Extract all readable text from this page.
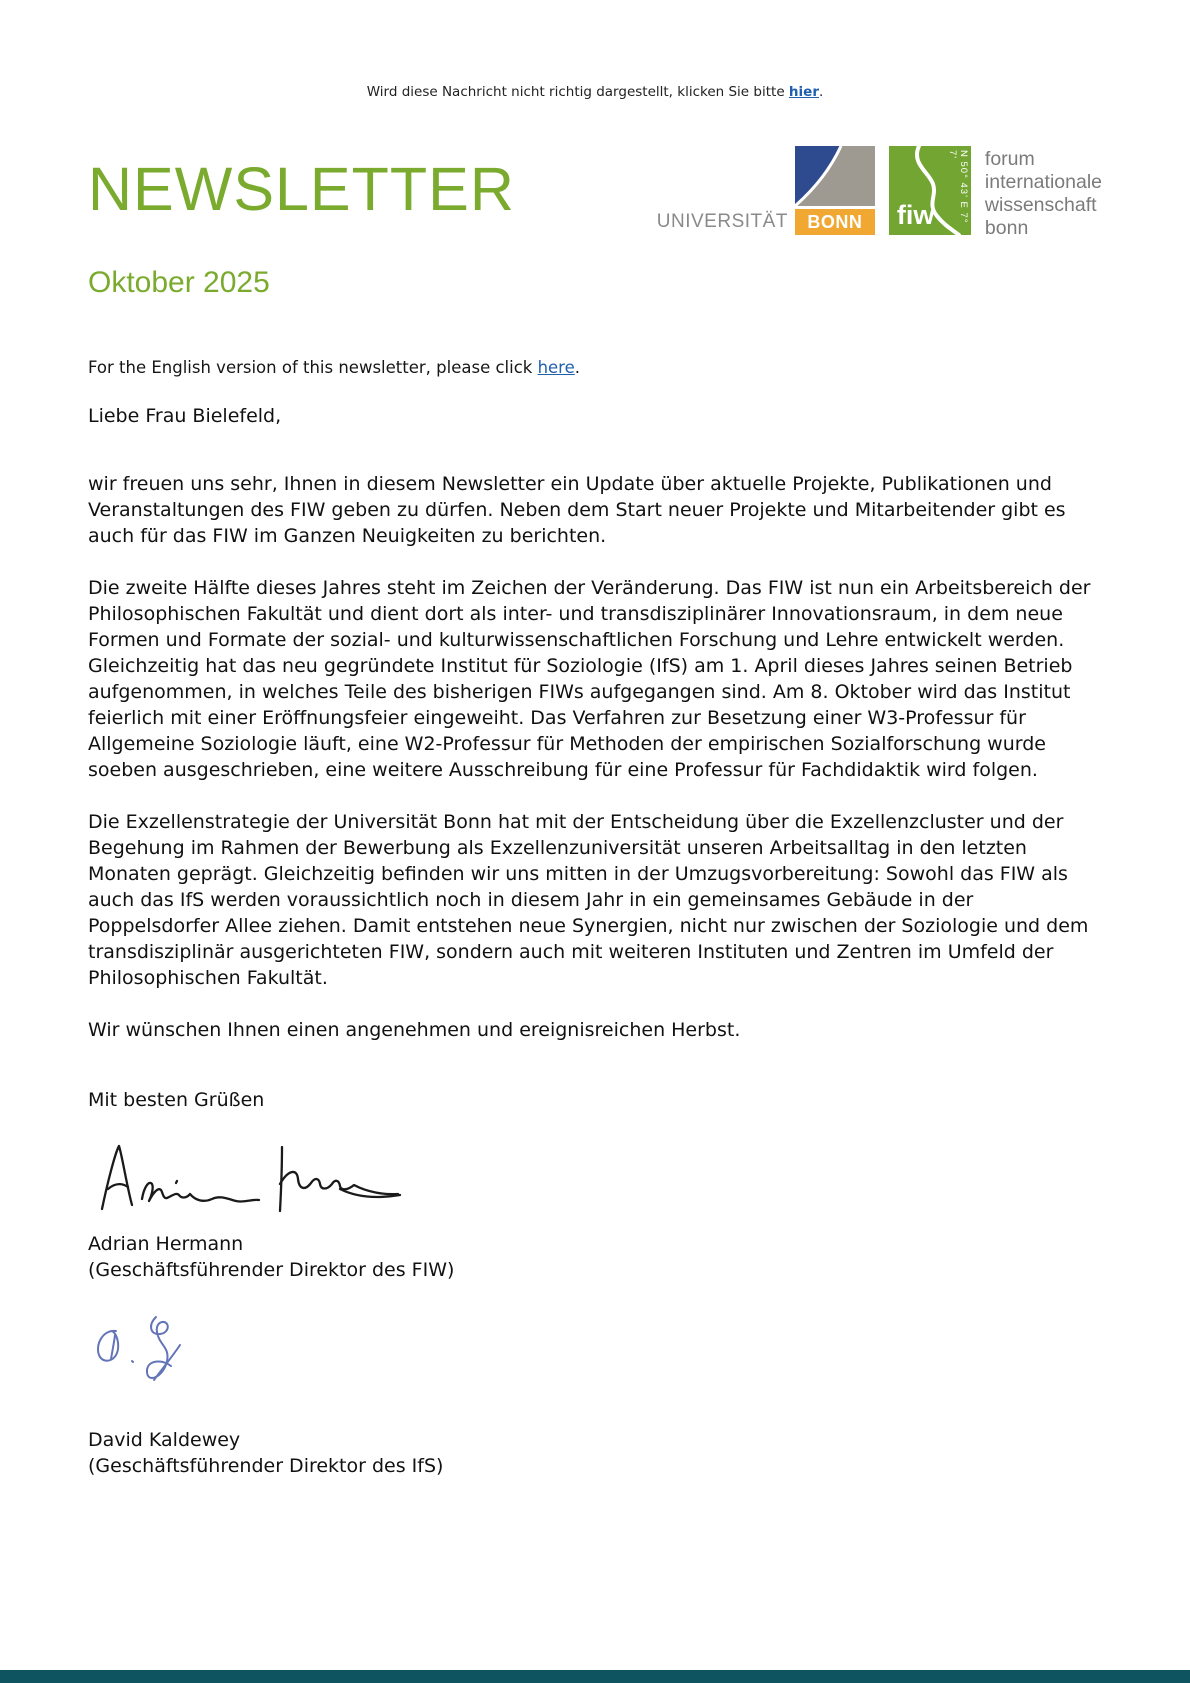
Wird diese Nachricht nicht richtig dargestellt, klicken Sie bitte hier.
NEWSLETTER	UNIVERSITÄT	BONN	fiw	N 50° 43' E 7° 7'	forum
internationale
wissenschaft
bonn
Oktober 2025

For the English version of this newsletter, please click here.

Liebe Frau Bielefeld,

wir freuen uns sehr, Ihnen in diesem Newsletter ein Update über aktuelle Projekte, Publikationen und Veranstaltungen des FIW geben zu dürfen. Neben dem Start neuer Projekte und Mitarbeitender gibt es auch für das FIW im Ganzen Neuigkeiten zu berichten.

Die zweite Hälfte dieses Jahres steht im Zeichen der Veränderung. Das FIW ist nun ein Arbeitsbereich der Philosophischen Fakultät und dient dort als inter- und transdisziplinärer Innovationsraum, in dem neue Formen und Formate der sozial- und kulturwissenschaftlichen Forschung und Lehre entwickelt werden. Gleichzeitig hat das neu gegründete Institut für Soziologie (IfS) am 1. April dieses Jahres seinen Betrieb aufgenommen, in welches Teile des bisherigen FIWs aufgegangen sind. Am 8. Oktober wird das Institut feierlich mit einer Eröffnungsfeier eingeweiht. Das Verfahren zur Besetzung einer W3-Professur für Allgemeine Soziologie läuft, eine W2-Professur für Methoden der empirischen Sozialforschung wurde soeben ausgeschrieben, eine weitere Ausschreibung für eine Professur für Fachdidaktik wird folgen.

Die Exzellenstrategie der Universität Bonn hat mit der Entscheidung über die Exzellenzcluster und der Begehung im Rahmen der Bewerbung als Exzellenzuniversität unseren Arbeitsalltag in den letzten Monaten geprägt. Gleichzeitig befinden wir uns mitten in der Umzugsvorbereitung: Sowohl das FIW als auch das IfS werden voraussichtlich noch in diesem Jahr in ein gemeinsames Gebäude in der Poppelsdorfer Allee ziehen. Damit entstehen neue Synergien, nicht nur zwischen der Soziologie und dem transdisziplinär ausgerichteten FIW, sondern auch mit weiteren Instituten und Zentren im Umfeld der Philosophischen Fakultät.

Wir wünschen Ihnen einen angenehmen und ereignisreichen Herbst.

Mit besten Grüßen

Adrian Hermann
(Geschäftsführender Direktor des FIW)
David Kaldewey
(Geschäftsführender Direktor des IfS)
